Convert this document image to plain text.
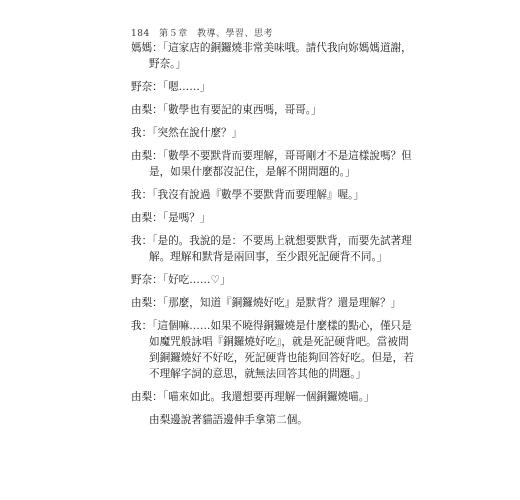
184 第５章 教導、學習、思考
媽媽：「這家店的銅鑼燒非常美味哦。請代我向妳媽媽道謝，
野奈。」
野奈：「嗯……」
由梨：「數學也有要記的東西嗎，哥哥。」
我：「突然在說什麼？」
由梨：「數學不要默背而要理解，哥哥剛才不是這樣說嗎？但
是，如果什麼都沒記住，是解不開問題的。」
我：「我沒有說過『數學不要默背而要理解』喔。」
由梨：「是嗎？」
我：「是的。我說的是：不要馬上就想要默背，而要先試著理
解。理解和默背是兩回事，至少跟死記硬背不同。」
野奈：「好吃……♡」
由梨：「那麼，知道『銅鑼燒好吃』是默背？還是理解？」
我：「這個嘛……如果不曉得銅鑼燒是什麼樣的點心，僅只是
如魔咒般詠唱『銅鑼燒好吃』，就是死記硬背吧。當被問
到銅鑼燒好不好吃，死記硬背也能夠回答好吃。但是，若
不理解字詞的意思，就無法回答其他的問題。」
由梨：「喵來如此。我還想要再理解一個銅鑼燒喵。」
由梨邊說著貓語邊伸手拿第二個。
